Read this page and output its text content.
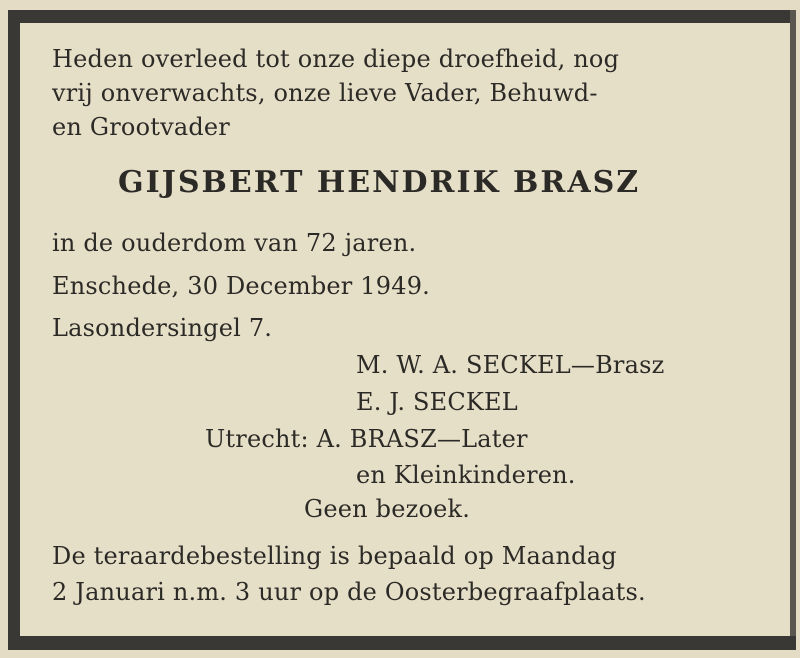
Heden overleed tot onze diepe droefheid, nog
vrij onverwachts, onze lieve Vader, Behuwd-
en Grootvader
GIJSBERT HENDRIK BRASZ
in de ouderdom van 72 jaren.
Enschede, 30 December 1949.
Lasondersingel 7.
M. W. A. SECKEL—Brasz
E. J. SECKEL
Utrecht: A. BRASZ—Later
en Kleinkinderen.
Geen bezoek.
De teraardebestelling is bepaald op Maandag
2 Januari n.m. 3 uur op de Oosterbegraafplaats.
